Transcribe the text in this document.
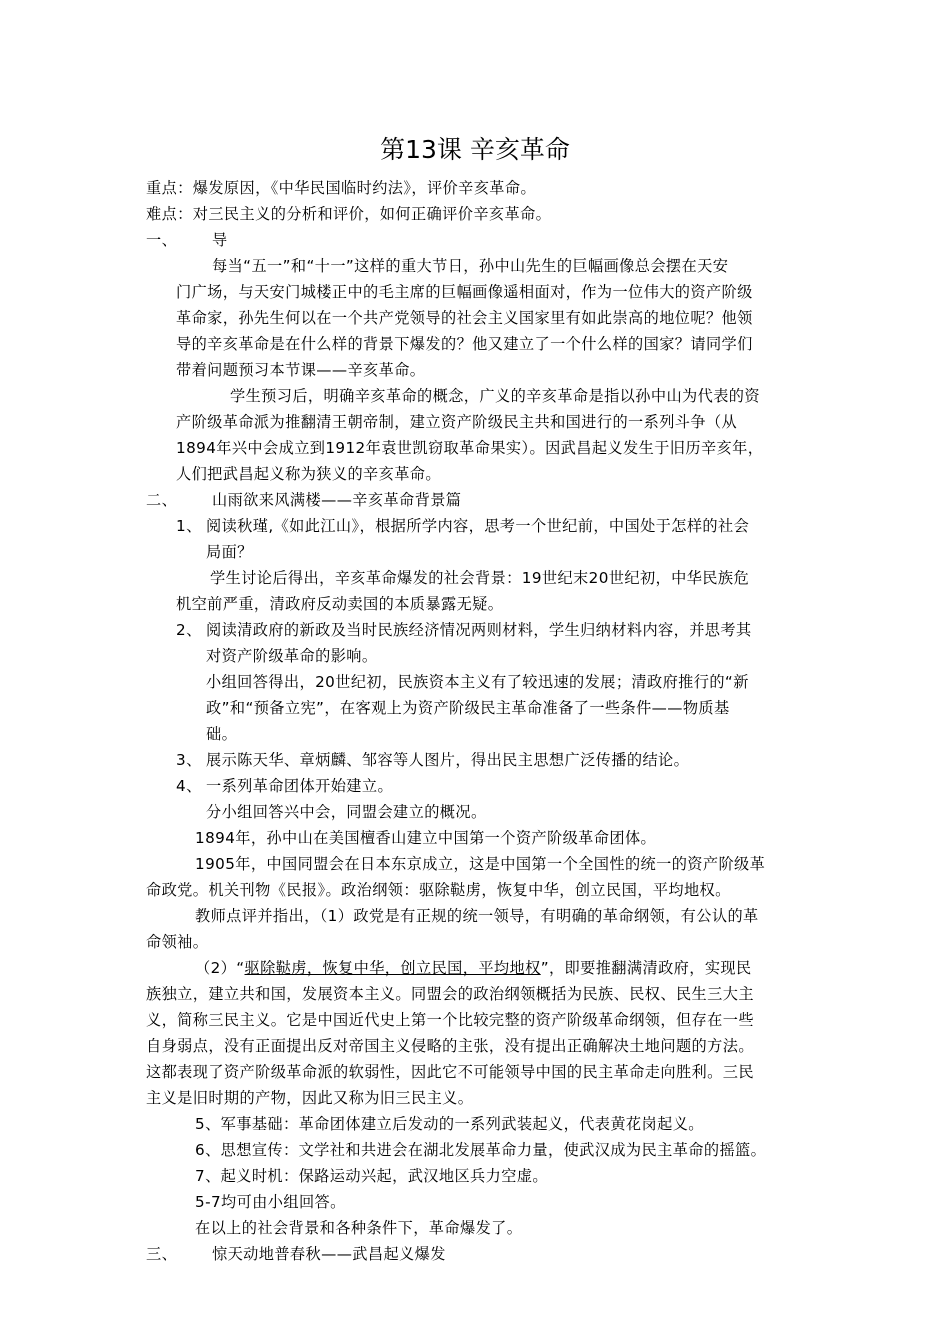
第13课 辛亥革命
重点：爆发原因，《中华民国临时约法》，评价辛亥革命。
难点：对三民主义的分析和评价，如何正确评价辛亥革命。
一、 导
每当“五一”和“十一”这样的重大节日，孙中山先生的巨幅画像总会摆在天安
门广场，与天安门城楼正中的毛主席的巨幅画像遥相面对，作为一位伟大的资产阶级
革命家，孙先生何以在一个共产党领导的社会主义国家里有如此崇高的地位呢？他领
导的辛亥革命是在什么样的背景下爆发的？他又建立了一个什么样的国家？请同学们
带着问题预习本节课——辛亥革命。
学生预习后，明确辛亥革命的概念，广义的辛亥革命是指以孙中山为代表的资
产阶级革命派为推翻清王朝帝制，建立资产阶级民主共和国进行的一系列斗争（从
1894年兴中会成立到1912年袁世凯窃取革命果实）。因武昌起义发生于旧历辛亥年，
人们把武昌起义称为狭义的辛亥革命。
二、 山雨欲来风满楼——辛亥革命背景篇
1、 阅读秋瑾,《如此江山》，根据所学内容，思考一个世纪前，中国处于怎样的社会
局面？
学生讨论后得出，辛亥革命爆发的社会背景：19世纪末20世纪初，中华民族危
机空前严重，清政府反动卖国的本质暴露无疑。
2、 阅读清政府的新政及当时民族经济情况两则材料，学生归纳材料内容，并思考其
对资产阶级革命的影响。
小组回答得出，20世纪初，民族资本主义有了较迅速的发展；清政府推行的“新
政”和“预备立宪”，在客观上为资产阶级民主革命准备了一些条件——物质基
础。
3、 展示陈天华、章炳麟、邹容等人图片，得出民主思想广泛传播的结论。
4、 一系列革命团体开始建立。
分小组回答兴中会，同盟会建立的概况。
1894年，孙中山在美国檀香山建立中国第一个资产阶级革命团体。
1905年，中国同盟会在日本东京成立，这是中国第一个全国性的统一的资产阶级革
命政党。机关刊物《民报》。政治纲领：驱除鞑虏，恢复中华，创立民国，平均地权。
教师点评并指出，（1）政党是有正规的统一领导，有明确的革命纲领，有公认的革
命领袖。
（2）“驱除鞑虏，恢复中华，创立民国，平均地权”，即要推翻满清政府，实现民
族独立，建立共和国，发展资本主义。同盟会的政治纲领概括为民族、民权、民生三大主
义，简称三民主义。它是中国近代史上第一个比较完整的资产阶级革命纲领，但存在一些
自身弱点，没有正面提出反对帝国主义侵略的主张，没有提出正确解决土地问题的方法。
这都表现了资产阶级革命派的软弱性，因此它不可能领导中国的民主革命走向胜利。三民
主义是旧时期的产物，因此又称为旧三民主义。
5、军事基础：革命团体建立后发动的一系列武装起义，代表黄花岗起义。
6、思想宣传：文学社和共进会在湖北发展革命力量，使武汉成为民主革命的摇篮。
7、起义时机：保路运动兴起，武汉地区兵力空虚。
5-7均可由小组回答。
在以上的社会背景和各种条件下，革命爆发了。
三、 惊天动地普春秋——武昌起义爆发
